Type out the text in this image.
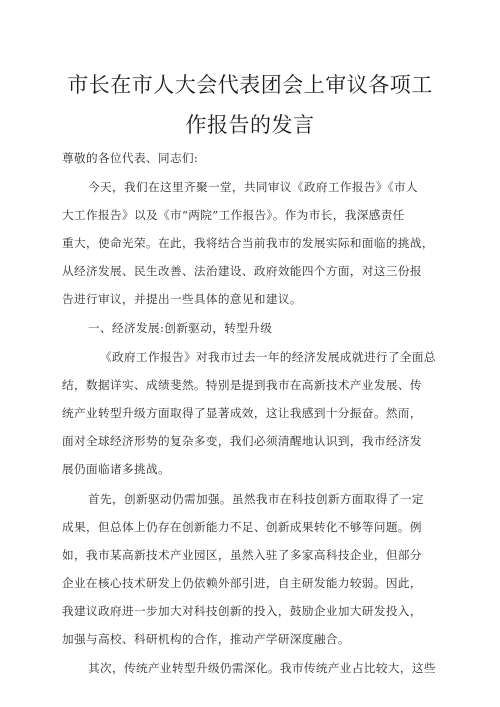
市长在市人大会代表团会上审议各项工
作报告的发言
尊敬的各位代表、同志们:
今天，我们在这里齐聚一堂，共同审议《政府工作报告》《市人
大工作报告》以及《市“两院”工作报告》。作为市长，我深感责任
重大，使命光荣。在此，我将结合当前我市的发展实际和面临的挑战，
从经济发展、民生改善、法治建设、政府效能四个方面，对这三份报
告进行审议，并提出一些具体的意见和建议。
一、经济发展:创新驱动，转型升级
《政府工作报告》对我市过去一年的经济发展成就进行了全面总
结，数据详实、成绩斐然。特别是提到我市在高新技术产业发展、传
统产业转型升级方面取得了显著成效，这让我感到十分振奋。然而，
面对全球经济形势的复杂多变，我们必须清醒地认识到，我市经济发
展仍面临诸多挑战。
首先，创新驱动仍需加强。虽然我市在科技创新方面取得了一定
成果，但总体上仍存在创新能力不足、创新成果转化不够等问题。例
如，我市某高新技术产业园区，虽然入驻了多家高科技企业，但部分
企业在核心技术研发上仍依赖外部引进，自主研发能力较弱。因此，
我建议政府进一步加大对科技创新的投入，鼓励企业加大研发投入，
加强与高校、科研机构的合作，推动产学研深度融合。
其次，传统产业转型升级仍需深化。我市传统产业占比较大，这些
